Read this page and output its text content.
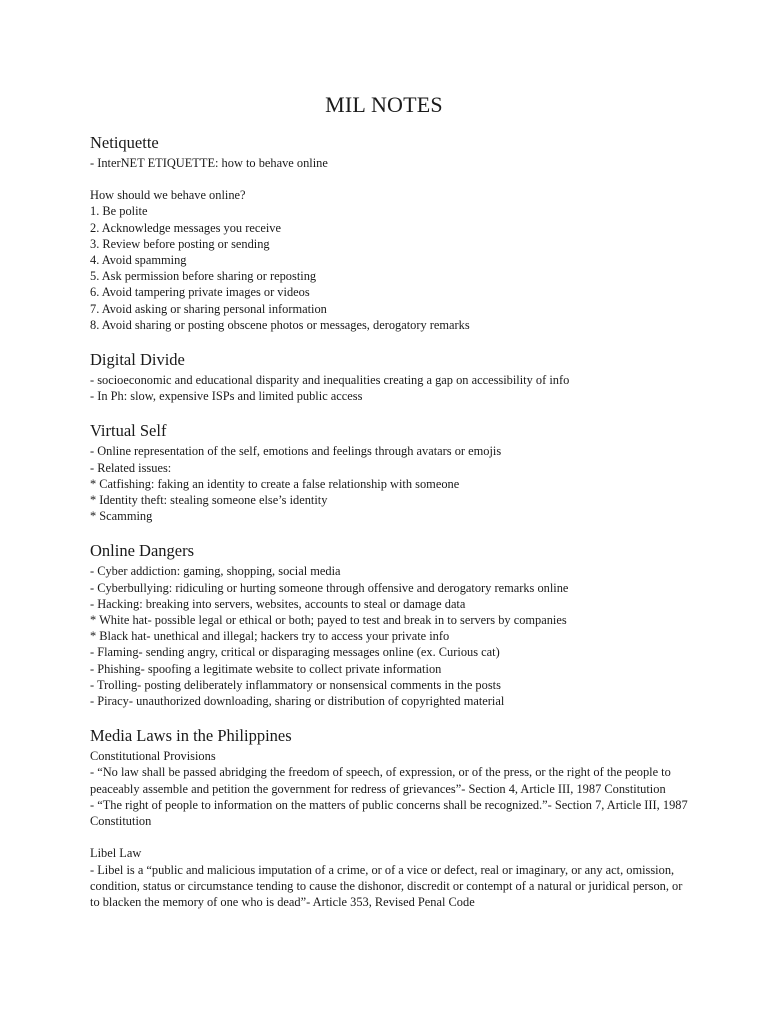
MIL NOTES
Netiquette

- InterNET ETIQUETTE: how to behave online

How should we behave online?

1. Be polite

2. Acknowledge messages you receive

3. Review before posting or sending

4. Avoid spamming

5. Ask permission before sharing or reposting

6. Avoid tampering private images or videos

7. Avoid asking or sharing personal information

8. Avoid sharing or posting obscene photos or messages, derogatory remarks

Digital Divide

- socioeconomic and educational disparity and inequalities creating a gap on accessibility of info

- In Ph: slow, expensive ISPs and limited public access

Virtual Self

- Online representation of the self, emotions and feelings through avatars or emojis

- Related issues:

* Catfishing: faking an identity to create a false relationship with someone

* Identity theft: stealing someone else’s identity

* Scamming

Online Dangers

- Cyber addiction: gaming, shopping, social media

- Cyberbullying: ridiculing or hurting someone through offensive and derogatory remarks online

- Hacking: breaking into servers, websites, accounts to steal or damage data

* White hat- possible legal or ethical or both; payed to test and break in to servers by companies

* Black hat- unethical and illegal; hackers try to access your private info

- Flaming- sending angry, critical or disparaging messages online (ex. Curious cat)

- Phishing- spoofing a legitimate website to collect private information

- Trolling- posting deliberately inflammatory or nonsensical comments in the posts

- Piracy- unauthorized downloading, sharing or distribution of copyrighted material

Media Laws in the Philippines

Constitutional Provisions

- “No law shall be passed abridging the freedom of speech, of expression, or of the press, or the right of the people to peaceably assemble and petition the government for redress of grievances”- Section 4, Article III, 1987 Constitution

- “The right of people to information on the matters of public concerns shall be recognized.”- Section 7, Article III, 1987 Constitution

Libel Law

- Libel is a “public and malicious imputation of a crime, or of a vice or defect, real or imaginary, or any act, omission, condition, status or circumstance tending to cause the dishonor, discredit or contempt of a natural or juridical person, or to blacken the memory of one who is dead”- Article 353, Revised Penal Code
